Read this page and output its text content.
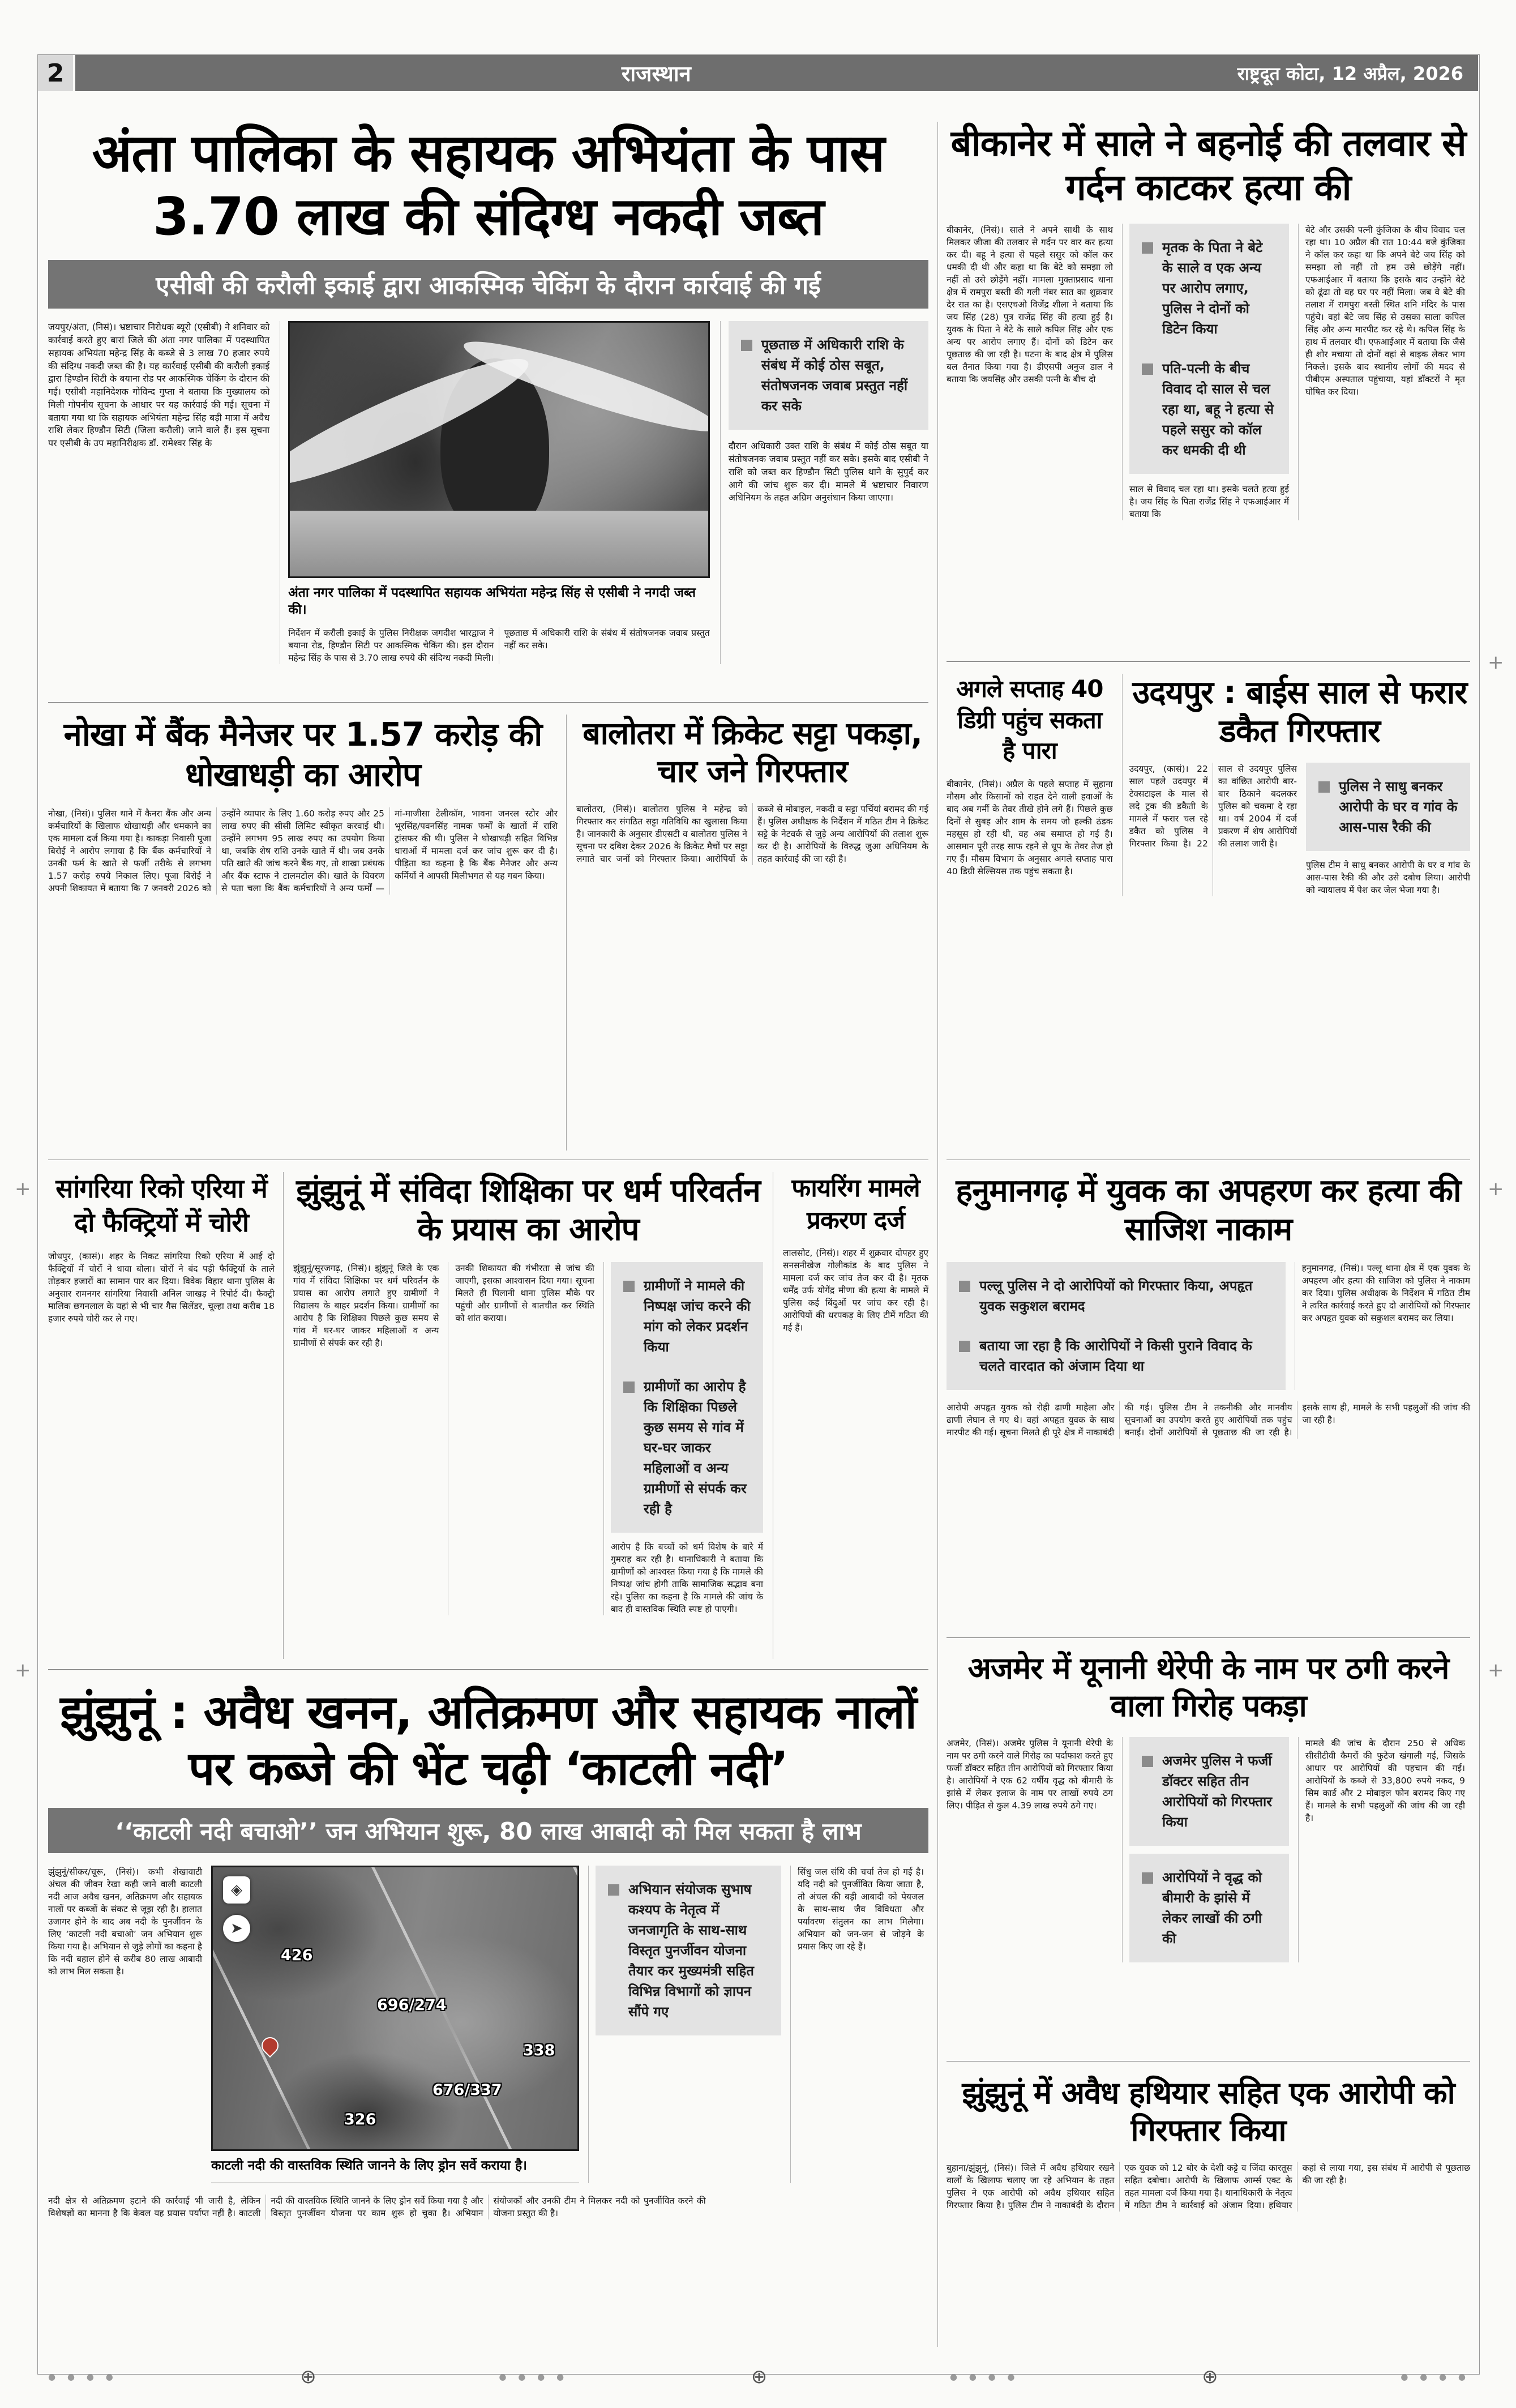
2	राजस्थान	राष्ट्रदूत कोटा, 12 अप्रैल, 2026
अंता पालिका के सहायक अभियंता के पास 3.70 लाख की संदिग्ध नकदी जब्त
एसीबी की करौली इकाई द्वारा आकस्मिक चेकिंग के दौरान कार्रवाई की गई
जयपुर/अंता, (निसं)। भ्रष्टाचार निरोधक ब्यूरो (एसीबी) ने शनिवार को कार्रवाई करते हुए बारां जिले की अंता नगर पालिका में पदस्थापित सहायक अभियंता महेन्द्र सिंह के कब्जे से 3 लाख 70 हजार रुपये की संदिग्ध नकदी जब्त की है। यह कार्रवाई एसीबी की करौली इकाई द्वारा हिण्डौन सिटी के बयाना रोड पर आकस्मिक चेकिंग के दौरान की गई। एसीबी महानिदेशक गोविन्द गुप्ता ने बताया कि मुख्यालय को मिली गोपनीय सूचना के आधार पर यह कार्रवाई की गई। सूचना में बताया गया था कि सहायक अभियंता महेन्द्र सिंह बड़ी मात्रा में अवैध राशि लेकर हिण्डौन सिटी (जिला करौली) जाने वाले हैं। इस सूचना पर एसीबी के उप महानिरीक्षक डॉ. रामेश्वर सिंह के
अंता नगर पालिका में पदस्थापित सहायक अभियंता महेन्द्र सिंह से एसीबी ने नगदी जब्त की।
निर्देशन में करौली इकाई के पुलिस निरीक्षक जगदीश भारद्वाज ने बयाना रोड, हिण्डौन सिटी पर आकस्मिक चेकिंग की। इस दौरान महेन्द्र सिंह के पास से 3.70 लाख रुपये की संदिग्ध नकदी मिली। पूछताछ में अधिकारी राशि के संबंध में संतोषजनक जवाब प्रस्तुत नहीं कर सके।
पूछताछ में अधिकारी राशि के संबंध में कोई ठोस सबूत, संतोषजनक जवाब प्रस्तुत नहीं कर सके
दौरान अधिकारी उक्त राशि के संबंध में कोई ठोस सबूत या संतोषजनक जवाब प्रस्तुत नहीं कर सके। इसके बाद एसीबी ने राशि को जब्त कर हिण्डौन सिटी पुलिस थाने के सुपुर्द कर आगे की जांच शुरू कर दी। मामले में भ्रष्टाचार निवारण अधिनियम के तहत अग्रिम अनुसंधान किया जाएगा।
बीकानेर में साले ने बहनोई की तलवार से गर्दन काटकर हत्या की
बीकानेर, (निसं)। साले ने अपने साथी के साथ मिलकर जीजा की तलवार से गर्दन पर वार कर हत्या कर दी। बहू ने हत्या से पहले ससुर को कॉल कर धमकी दी थी और कहा था कि बेटे को समझा लो नहीं तो उसे छोड़ेंगे नहीं। मामला मुक्ताप्रसाद थाना क्षेत्र में रामपुरा बस्ती की गली नंबर सात का शुक्रवार देर रात का है। एसएचओ विजेंद्र शीला ने बताया कि जय सिंह (28) पुत्र राजेंद्र सिंह की हत्या हुई है। युवक के पिता ने बेटे के साले कपिल सिंह और एक अन्य पर आरोप लगाए हैं। दोनों को डिटेन कर पूछताछ की जा रही है। घटना के बाद क्षेत्र में पुलिस बल तैनात किया गया है। डीएसपी अनुज डाल ने बताया कि जयसिंह और उसकी पत्नी के बीच दो
मृतक के पिता ने बेटे के साले व एक अन्य पर आरोप लगाए, पुलिस ने दोनों को डिटेन किया
पति-पत्नी के बीच विवाद दो साल से चल रहा था, बहू ने हत्या से पहले ससुर को कॉल कर धमकी दी थी
साल से विवाद चल रहा था। इसके चलते हत्या हुई है। जय सिंह के पिता राजेंद्र सिंह ने एफआईआर में बताया कि
बेटे और उसकी पत्नी कुंजिका के बीच विवाद चल रहा था। 10 अप्रैल की रात 10:44 बजे कुंजिका ने कॉल कर कहा था कि अपने बेटे जय सिंह को समझा लो नहीं तो हम उसे छोड़ेंगे नहीं। एफआईआर में बताया कि इसके बाद उन्होंने बेटे को ढूंढा तो वह घर पर नहीं मिला। जब वे बेटे की तलाश में रामपुरा बस्ती स्थित शनि मंदिर के पास पहुंचे। वहां बेटे जय सिंह से उसका साला कपिल सिंह और अन्य मारपीट कर रहे थे। कपिल सिंह के हाथ में तलवार थी। एफआईआर में बताया कि जैसे ही शोर मचाया तो दोनों वहां से बाइक लेकर भाग निकले। इसके बाद स्थानीय लोगों की मदद से पीबीएम अस्पताल पहुंचाया, यहां डॉक्टरों ने मृत घोषित कर दिया।
अगले सप्ताह 40 डिग्री पहुंच सकता है पारा
बीकानेर, (निसं)। अप्रैल के पहले सप्ताह में सुहाना मौसम और किसानों को राहत देने वाली हवाओं के बाद अब गर्मी के तेवर तीखे होने लगे हैं। पिछले कुछ दिनों से सुबह और शाम के समय जो हल्की ठंडक महसूस हो रही थी, वह अब समाप्त हो गई है। आसमान पूरी तरह साफ रहने से धूप के तेवर तेज हो गए हैं। मौसम विभाग के अनुसार अगले सप्ताह पारा 40 डिग्री सेल्सियस तक पहुंच सकता है।
उदयपुर : बाईस साल से फरार डकैत गिरफ्तार
उदयपुर, (कासं)। 22 साल पहले उदयपुर में टेक्सटाइल के माल से लदे ट्रक की डकैती के मामले में फरार चल रहे डकैत को पुलिस ने गिरफ्तार किया है। 22 साल से उदयपुर पुलिस का वांछित आरोपी बार-बार ठिकाने बदलकर पुलिस को चकमा दे रहा था। वर्ष 2004 में दर्ज प्रकरण में शेष आरोपियों की तलाश जारी है।
पुलिस ने साधु बनकर आरोपी के घर व गांव के आस-पास रैकी की
पुलिस टीम ने साधु बनकर आरोपी के घर व गांव के आस-पास रैकी की और उसे दबोच लिया। आरोपी को न्यायालय में पेश कर जेल भेजा गया है।
नोखा में बैंक मैनेजर पर 1.57 करोड़ की धोखाधड़ी का आरोप
नोखा, (निसं)। पुलिस थाने में कैनरा बैंक और अन्य कर्मचारियों के खिलाफ धोखाधड़ी और धमकाने का एक मामला दर्ज किया गया है। काकड़ा निवासी पूजा बिरोई ने आरोप लगाया है कि बैंक कर्मचारियों ने उनकी फर्म के खाते से फर्जी तरीके से लगभग 1.57 करोड़ रुपये निकाल लिए। पूजा बिरोई ने अपनी शिकायत में बताया कि 7 जनवरी 2026 को उन्होंने व्यापार के लिए 1.60 करोड़ रुपए और 25 लाख रुपए की सीसी लिमिट स्वीकृत करवाई थी। उन्होंने लगभग 95 लाख रुपए का उपयोग किया था, जबकि शेष राशि उनके खाते में थी। जब उनके पति खाते की जांच करने बैंक गए, तो शाखा प्रबंधक और बैंक स्टाफ ने टालमटोल की। खाते के विवरण से पता चला कि बैंक कर्मचारियों ने अन्य फर्मों — मां-माजीसा टेलीकॉम, भावना जनरल स्टोर और भूरसिंह/पवनसिंह नामक फर्मों के खातों में राशि ट्रांसफर की थी। पुलिस ने धोखाधड़ी सहित विभिन्न धाराओं में मामला दर्ज कर जांच शुरू कर दी है। पीड़िता का कहना है कि बैंक मैनेजर और अन्य कर्मियों ने आपसी मिलीभगत से यह गबन किया।
बालोतरा में क्रिकेट सट्टा पकड़ा, चार जने गिरफ्तार
बालोतरा, (निसं)। बालोतरा पुलिस ने महेन्द्र को गिरफ्तार कर संगठित सट्टा गतिविधि का खुलासा किया है। जानकारी के अनुसार डीएसटी व बालोतरा पुलिस ने सूचना पर दबिश देकर 2026 के क्रिकेट मैचों पर सट्टा लगाते चार जनों को गिरफ्तार किया। आरोपियों के कब्जे से मोबाइल, नकदी व सट्टा पर्चियां बरामद की गई हैं। पुलिस अधीक्षक के निर्देशन में गठित टीम ने क्रिकेट सट्टे के नेटवर्क से जुड़े अन्य आरोपियों की तलाश शुरू कर दी है। आरोपियों के विरुद्ध जुआ अधिनियम के तहत कार्रवाई की जा रही है।
सांगरिया रिको एरिया में दो फैक्ट्रियों में चोरी
जोधपुर, (कासं)। शहर के निकट सांगरिया रिको एरिया में आई दो फैक्ट्रियों में चोरों ने धावा बोला। चोरों ने बंद पड़ी फैक्ट्रियों के ताले तोड़कर हजारों का सामान पार कर दिया। विवेक विहार थाना पुलिस के अनुसार रामनगर सांगरिया निवासी अनिल जाखड़ ने रिपोर्ट दी। फैक्ट्री मालिक छगनलाल के यहां से भी चार गैस सिलेंडर, चूल्हा तथा करीब 18 हजार रुपये चोरी कर ले गए।
झुंझुनूं में संविदा शिक्षिका पर धर्म परिवर्तन के प्रयास का आरोप
झुंझुनूं/सूरजगढ़, (निसं)। झुंझुनूं जिले के एक गांव में संविदा शिक्षिका पर धर्म परिवर्तन के प्रयास का आरोप लगाते हुए ग्रामीणों ने विद्यालय के बाहर प्रदर्शन किया। ग्रामीणों का आरोप है कि शिक्षिका पिछले कुछ समय से गांव में घर-घर जाकर महिलाओं व अन्य ग्रामीणों से संपर्क कर रही है।
उनकी शिकायत की गंभीरता से जांच की जाएगी, इसका आश्वासन दिया गया। सूचना मिलते ही पिलानी थाना पुलिस मौके पर पहुंची और ग्रामीणों से बातचीत कर स्थिति को शांत कराया।
ग्रामीणों ने मामले की निष्पक्ष जांच करने की मांग को लेकर प्रदर्शन किया
ग्रामीणों का आरोप है कि शिक्षिका पिछले कुछ समय से गांव में घर-घर जाकर महिलाओं व अन्य ग्रामीणों से संपर्क कर रही है
आरोप है कि बच्चों को धर्म विशेष के बारे में गुमराह कर रही है। थानाधिकारी ने बताया कि ग्रामीणों को आश्वस्त किया गया है कि मामले की निष्पक्ष जांच होगी ताकि सामाजिक सद्भाव बना रहे। पुलिस का कहना है कि मामले की जांच के बाद ही वास्तविक स्थिति स्पष्ट हो पाएगी।
फायरिंग मामले प्रकरण दर्ज
लालसोट, (निसं)। शहर में शुक्रवार दोपहर हुए सनसनीखेज गोलीकांड के बाद पुलिस ने मामला दर्ज कर जांच तेज कर दी है। मृतक धर्मेंद्र उर्फ योगेंद्र मीणा की हत्या के मामले में पुलिस कई बिंदुओं पर जांच कर रही है। आरोपियों की धरपकड़ के लिए टीमें गठित की गई हैं।
हनुमानगढ़ में युवक का अपहरण कर हत्या की साजिश नाकाम
पल्लू पुलिस ने दो आरोपियों को गिरफ्तार किया, अपहृत युवक सकुशल बरामद
बताया जा रहा है कि आरोपियों ने किसी पुराने विवाद के चलते वारदात को अंजाम दिया था
हनुमानगढ़, (निसं)। पल्लू थाना क्षेत्र में एक युवक के अपहरण और हत्या की साजिश को पुलिस ने नाकाम कर दिया। पुलिस अधीक्षक के निर्देशन में गठित टीम ने त्वरित कार्रवाई करते हुए दो आरोपियों को गिरफ्तार कर अपहृत युवक को सकुशल बरामद कर लिया।
आरोपी अपहृत युवक को रोही ढाणी माहेला और ढाणी लेघान ले गए थे। वहां अपहृत युवक के साथ मारपीट की गई। सूचना मिलते ही पूरे क्षेत्र में नाकाबंदी की गई। पुलिस टीम ने तकनीकी और मानवीय सूचनाओं का उपयोग करते हुए आरोपियों तक पहुंच बनाई। दोनों आरोपियों से पूछताछ की जा रही है। इसके साथ ही, मामले के सभी पहलुओं की जांच की जा रही है।
अजमेर में यूनानी थेरेपी के नाम पर ठगी करने वाला गिरोह पकड़ा
अजमेर, (निसं)। अजमेर पुलिस ने यूनानी थेरेपी के नाम पर ठगी करने वाले गिरोह का पर्दाफाश करते हुए फर्जी डॉक्टर सहित तीन आरोपियों को गिरफ्तार किया है। आरोपियों ने एक 62 वर्षीय वृद्ध को बीमारी के झांसे में लेकर इलाज के नाम पर लाखों रुपये ठग लिए। पीड़ित से कुल 4.39 लाख रुपये ठगे गए।
अजमेर पुलिस ने फर्जी डॉक्टर सहित तीन आरोपियों को गिरफ्तार किया
आरोपियों ने वृद्ध को बीमारी के झांसे में लेकर लाखों की ठगी की
मामले की जांच के दौरान 250 से अधिक सीसीटीवी कैमरों की फुटेज खंगाली गई, जिसके आधार पर आरोपियों की पहचान की गई। आरोपियों के कब्जे से 33,800 रुपये नकद, 9 सिम कार्ड और 2 मोबाइल फोन बरामद किए गए हैं। मामले के सभी पहलुओं की जांच की जा रही है।
झुंझुनूं में अवैध हथियार सहित एक आरोपी को गिरफ्तार किया
बुहाना/झुंझुनूं, (निसं)। जिले में अवैध हथियार रखने वालों के खिलाफ चलाए जा रहे अभियान के तहत पुलिस ने एक आरोपी को अवैध हथियार सहित गिरफ्तार किया है। पुलिस टीम ने नाकाबंदी के दौरान एक युवक को 12 बोर के देशी कट्टे व जिंदा कारतूस सहित दबोचा। आरोपी के खिलाफ आर्म्स एक्ट के तहत मामला दर्ज किया गया है। थानाधिकारी के नेतृत्व में गठित टीम ने कार्रवाई को अंजाम दिया। हथियार कहां से लाया गया, इस संबंध में आरोपी से पूछताछ की जा रही है।
झुंझुनूं : अवैध खनन, अतिक्रमण और सहायक नालों पर कब्जे की भेंट चढ़ी ‘काटली नदी’
‘‘काटली नदी बचाओ’’ जन अभियान शुरू, 80 लाख आबादी को मिल सकता है लाभ
झुंझुनूं/सीकर/चूरू, (निसं)। कभी शेखावाटी अंचल की जीवन रेखा कही जाने वाली काटली नदी आज अवैध खनन, अतिक्रमण और सहायक नालों पर कब्जों के संकट से जूझ रही है। हालात उजागर होने के बाद अब नदी के पुनर्जीवन के लिए ‘काटली नदी बचाओ’ जन अभियान शुरू किया गया है। अभियान से जुड़े लोगों का कहना है कि नदी बहाल होने से करीब 80 लाख आबादी को लाभ मिल सकता है।
◈
➤
696/274
326
676/337
338
426
काटली नदी की वास्तविक स्थिति जानने के लिए ड्रोन सर्वे कराया है।
अभियान संयोजक सुभाष कश्यप के नेतृत्व में जनजागृति के साथ-साथ विस्तृत पुनर्जीवन योजना तैयार कर मुख्यमंत्री सहित विभिन्न विभागों को ज्ञापन सौंपे गए
सिंधु जल संधि की चर्चा तेज हो गई है। यदि नदी को पुनर्जीवित किया जाता है, तो अंचल की बड़ी आबादी को पेयजल के साथ-साथ जैव विविधता और पर्यावरण संतुलन का लाभ मिलेगा। अभियान को जन-जन से जोड़ने के प्रयास किए जा रहे हैं।
नदी क्षेत्र से अतिक्रमण हटाने की कार्रवाई भी जारी है, लेकिन विशेषज्ञों का मानना है कि केवल यह प्रयास पर्याप्त नहीं है। काटली नदी की वास्तविक स्थिति जानने के लिए ड्रोन सर्वे किया गया है और विस्तृत पुनर्जीवन योजना पर काम शुरू हो चुका है। अभियान संयोजकों और उनकी टीम ने मिलकर नदी को पुनर्जीवित करने की योजना प्रस्तुत की है।
+
+
+
+
+
● ● ● ●	⊕	● ● ● ●	⊕	● ● ● ●	⊕	● ● ● ●
